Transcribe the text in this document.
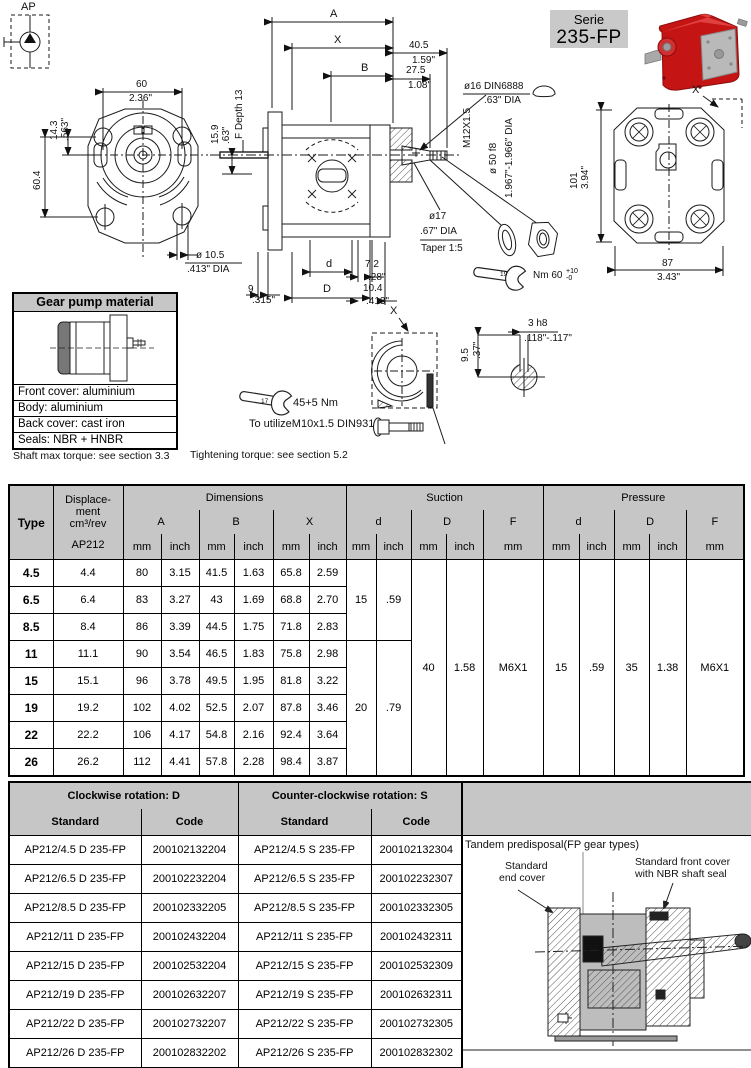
AP
60
2.36"
14.3 .563"
60.4
ø 10.5
.413" DIA
A
X
B
40.5
1.59"
27.5
1.08"	ø16 DIN6888
.63" DIA
M12X1.5
ø 50 f8 1.967"-1.966" DIA
ø17
.67" DIA
Taper 1:5
F Depth 13
15.9 .63"
d	7.2
.28"
D	10.4
.413"
9
.315"
19	Nm 60 +10
-0
X
101 3.94"
87
3.43"
Serie
235-FP
Gear pump material
Front cover: aluminium
Body: aluminium
Back cover: cast iron
Seals: NBR + HNBR
Shaft max torque: see section 3.3
X
17 45+5 Nm
To utilizeM10x1.5 DIN931
Tightening torque: see section 5.2
3 h8
.118"-.117"
9.5 .37"
Type	Displace-
ment
cm³/rev
AP212	Dimensions						Suction					Pressure				
		A		B		X		d		D		F	d		D		F
		mm	inch	mm	inch	mm	inch	mm	inch	mm	inch	mm	mm	inch	mm	inch	mm
4.5	4.4	80	3.15	41.5	1.63	65.8	2.59	15	.59	40	1.58	M6X1	15	.59	35	1.38	M6X1
6.5	6.4	83	3.27	43	1.69	68.8	2.70										
8.5	8.4	86	3.39	44.5	1.75	71.8	2.83										
11	11.1	90	3.54	46.5	1.83	75.8	2.98	20	.79								
15	15.1	96	3.78	49.5	1.95	81.8	3.22										
19	19.2	102	4.02	52.5	2.07	87.8	3.46										
22	22.2	106	4.17	54.8	2.16	92.4	3.64										
26	26.2	112	4.41	57.8	2.28	98.4	3.87										
Clockwise rotation: D		Counter-clockwise rotation: S	
Standard	Code	Standard	Code
AP212/4.5 D 235-FP	200102132204	AP212/4.5 S 235-FP	200102132304
AP212/6.5 D 235-FP	200102232204	AP212/6.5 S 235-FP	200102232307
AP212/8.5 D 235-FP	200102332205	AP212/8.5 S 235-FP	200102332305
AP212/11 D 235-FP	200102432204	AP212/11 S 235-FP	200102432311
AP212/15 D 235-FP	200102532204	AP212/15 S 235-FP	200102532309
AP212/19 D 235-FP	200102632207	AP212/19 S 235-FP	200102632311
AP212/22 D 235-FP	200102732207	AP212/22 S 235-FP	200102732305
AP212/26 D 235-FP	200102832202	AP212/26 S 235-FP	200102832302
Tandem predisposal(FP gear types)
Standard
end cover
Standard front cover
with NBR shaft seal
